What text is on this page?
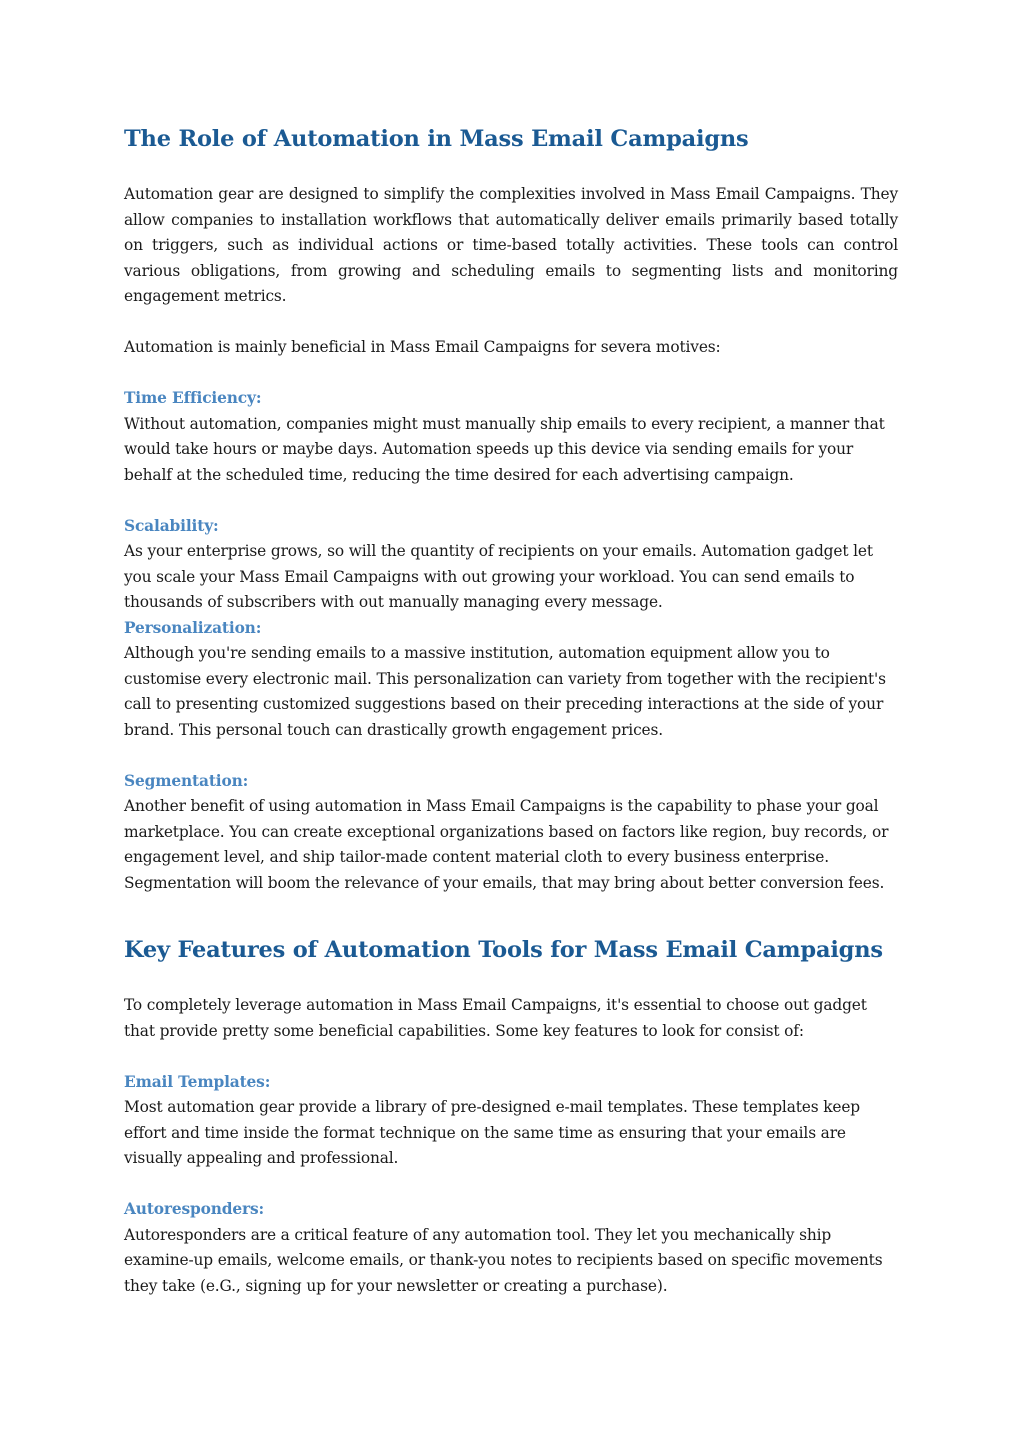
The Role of Automation in Mass Email Campaigns

Automation gear are designed to simplify the complexities involved in Mass Email Campaigns. They allow companies to installation workflows that automatically deliver emails primarily based totally on triggers, such as individual actions or time-based totally activities. These tools can control various obligations, from growing and scheduling emails to segmenting lists and monitoring engagement metrics.

Automation is mainly beneficial in Mass Email Campaigns for severa motives:

Time Efficiency:

Without automation, companies might must manually ship emails to every recipient, a manner that would take hours or maybe days. Automation speeds up this device via sending emails for your behalf at the scheduled time, reducing the time desired for each advertising campaign.

Scalability:

As your enterprise grows, so will the quantity of recipients on your emails. Automation gadget let you scale your Mass Email Campaigns with out growing your workload. You can send emails to thousands of subscribers with out manually managing every message.

Personalization:

Although you're sending emails to a massive institution, automation equipment allow you to customise every electronic mail. This personalization can variety from together with the recipient's call to presenting customized suggestions based on their preceding interactions at the side of your brand. This personal touch can drastically growth engagement prices.

Segmentation:

Another benefit of using automation in Mass Email Campaigns is the capability to phase your goal marketplace. You can create exceptional organizations based on factors like region, buy records, or engagement level, and ship tailor-made content material cloth to every business enterprise. Segmentation will boom the relevance of your emails, that may bring about better conversion fees.

Key Features of Automation Tools for Mass Email Campaigns

To completely leverage automation in Mass Email Campaigns, it's essential to choose out gadget that provide pretty some beneficial capabilities. Some key features to look for consist of:

Email Templates:

Most automation gear provide a library of pre-designed e-mail templates. These templates keep effort and time inside the format technique on the same time as ensuring that your emails are visually appealing and professional.

Autoresponders:

Autoresponders are a critical feature of any automation tool. They let you mechanically ship examine-up emails, welcome emails, or thank-you notes to recipients based on specific movements they take (e.G., signing up for your newsletter or creating a purchase).
